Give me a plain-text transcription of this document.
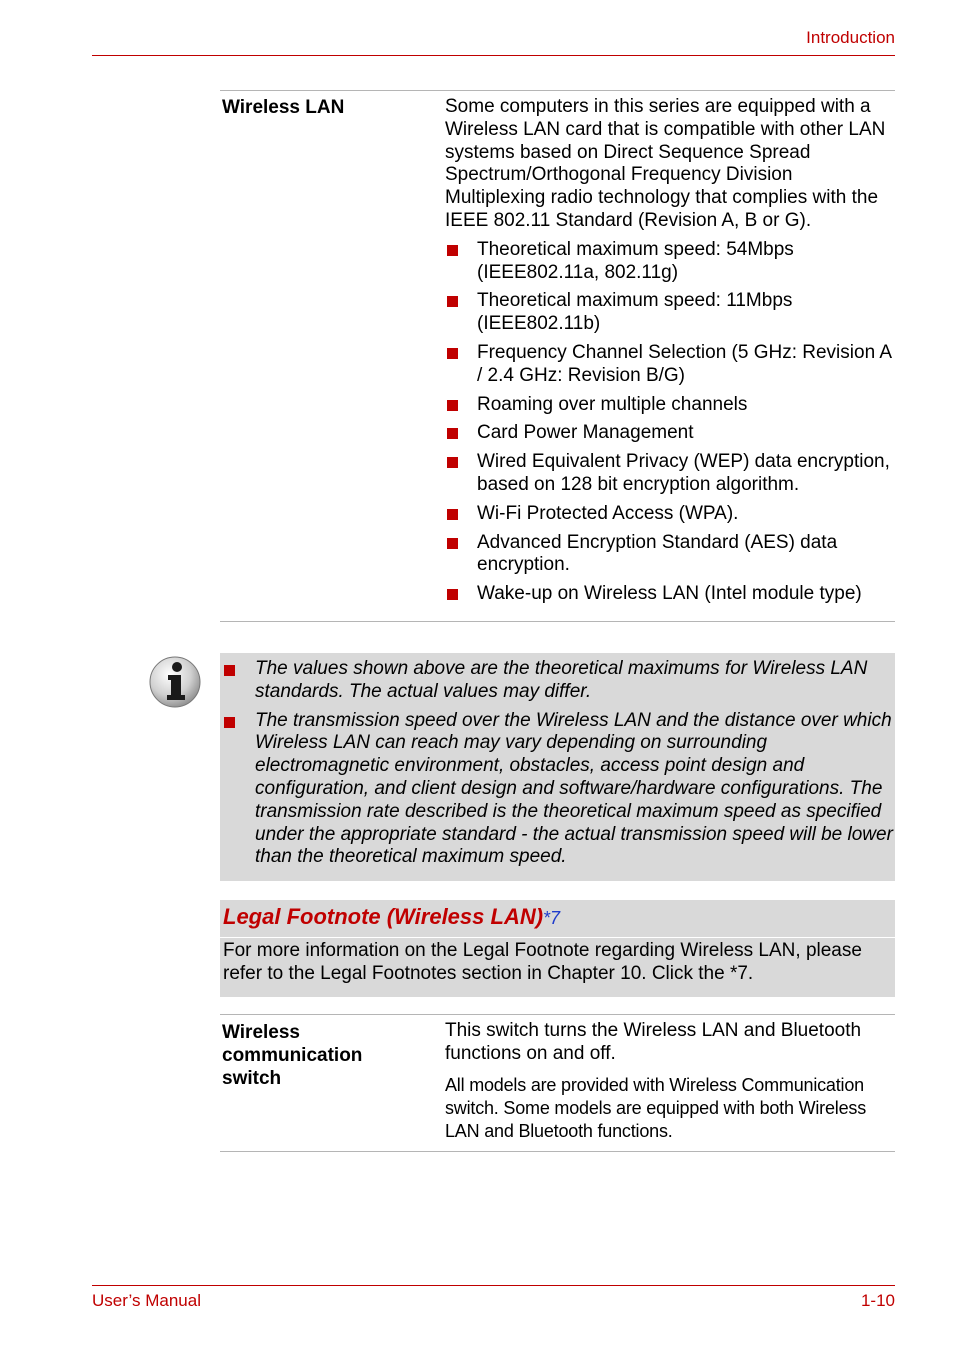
Introduction
Wireless LAN	Some computers in this series are equipped with a Wireless LAN card that is compatible with other LAN systems based on Direct Sequence Spread Spectrum/Orthogonal Frequency Division Multiplexing radio technology that complies with the IEEE 802.11 Standard (Revision A, B or G).

Theoretical maximum speed: 54Mbps (IEEE802.11a, 802.11g)
Theoretical maximum speed: 11Mbps (IEEE802.11b)
Frequency Channel Selection (5 GHz: Revision A / 2.4 GHz: Revision B/G)
Roaming over multiple channels
Card Power Management
Wired Equivalent Privacy (WEP) data encryption, based on 128 bit encryption algorithm.
Wi-Fi Protected Access (WPA).
Advanced Encryption Standard (AES) data encryption.
Wake-up on Wireless LAN (Intel module type)
The values shown above are the theoretical maximums for Wireless LAN standards. The actual values may differ.
The transmission speed over the Wireless LAN and the distance over which Wireless LAN can reach may vary depending on surrounding electromagnetic environment, obstacles, access point design and configuration, and client design and software/hardware configurations. The transmission rate described is the theoretical maximum speed as specified under the appropriate standard - the actual transmission speed will be lower than the theoretical maximum speed.
Legal Footnote (Wireless LAN)*7
For more information on the Legal Footnote regarding Wireless LAN, please refer to the Legal Footnotes section in Chapter 10. Click the *7.
Wireless
communication
switch

This switch turns the Wireless LAN and Bluetooth functions on and off.

All models are provided with Wireless Communication switch. Some models are equipped with both Wireless LAN and Bluetooth functions.

User’s Manual	1-10
